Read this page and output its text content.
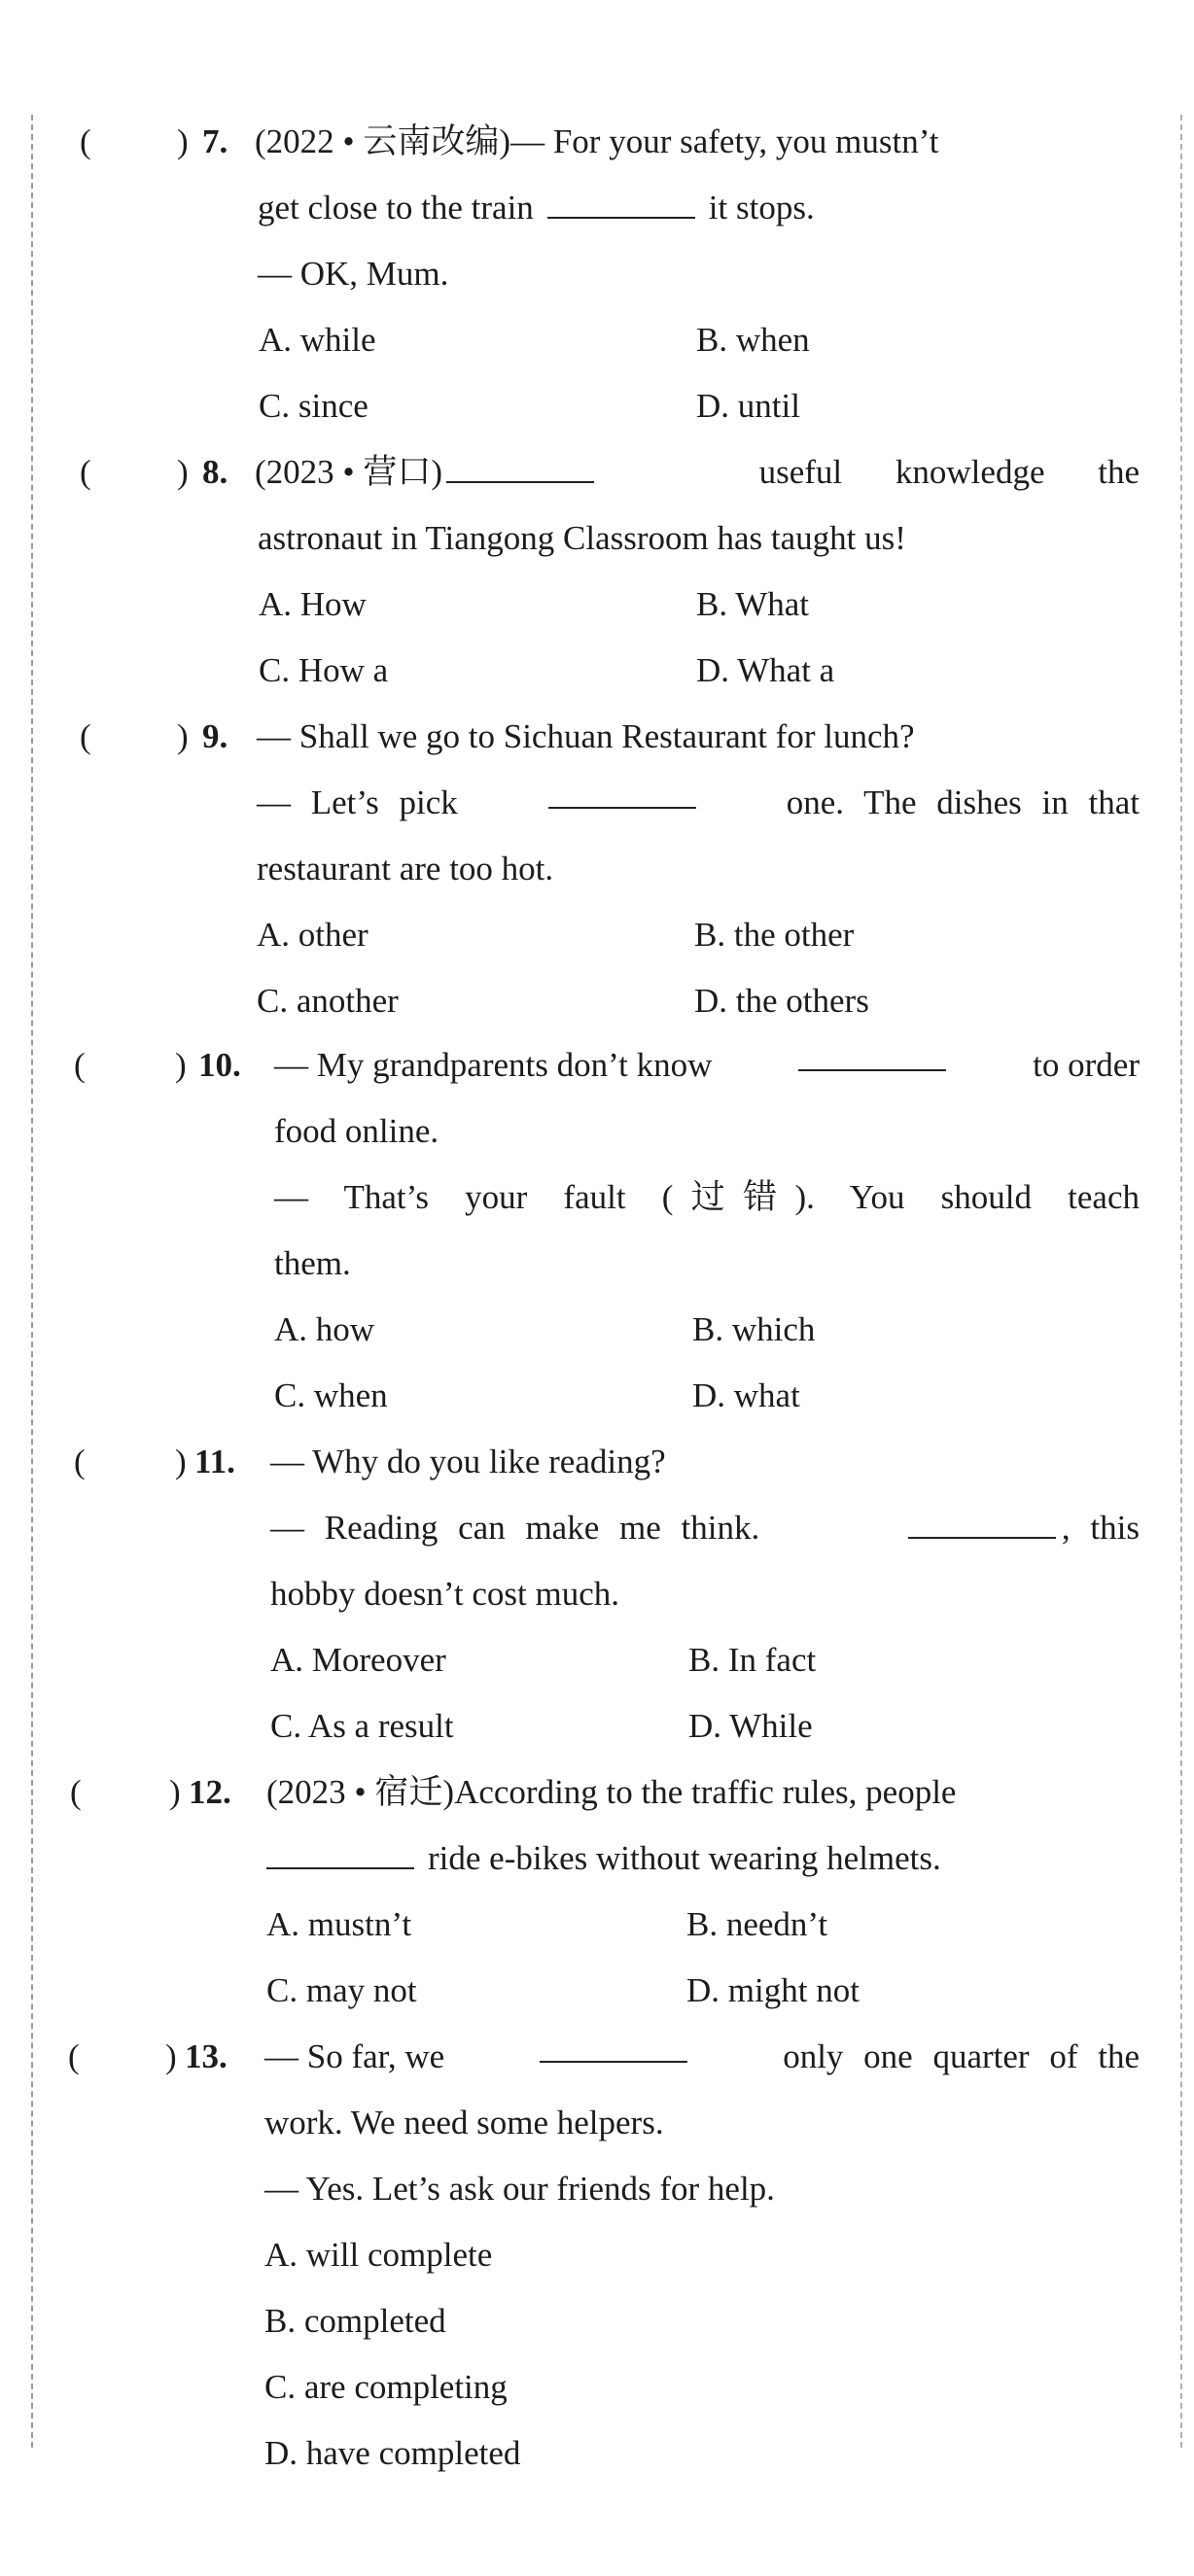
(	) 7. (2022 • 云南改编)— For your safety, you mustn’t
get close to the train	it stops.
— OK, Mum.
A. while	B. when
C. since	D. until
(	) 8. (2023 • 营口)	useful knowledge the
astronaut in Tiangong Classroom has taught us!
A. How	B. What
C. How a	D. What a
(	) 9. — Shall we go to Sichuan Restaurant for lunch?
— Let’s pick	one. The dishes in that
restaurant are too hot.
A. other	B. the other
C. another	D. the others
(	) 10. — My grandparents don’t know	to order
food online.
— That’s your fault (过错). You should teach
them.
A. how	B. which
C. when	D. what
(	) 11. — Why do you like reading?
— Reading can make me think.	, this
hobby doesn’t cost much.
A. Moreover	B. In fact
C. As a result	D. While
(	) 12. (2023 • 宿迁)According to the traffic rules, people
ride e-bikes without wearing helmets.
A. mustn’t	B. needn’t
C. may not	D. might not
(	) 13. — So far, we	only one quarter of the
work. We need some helpers.
— Yes. Let’s ask our friends for help.
A. will complete
B. completed
C. are completing
D. have completed
